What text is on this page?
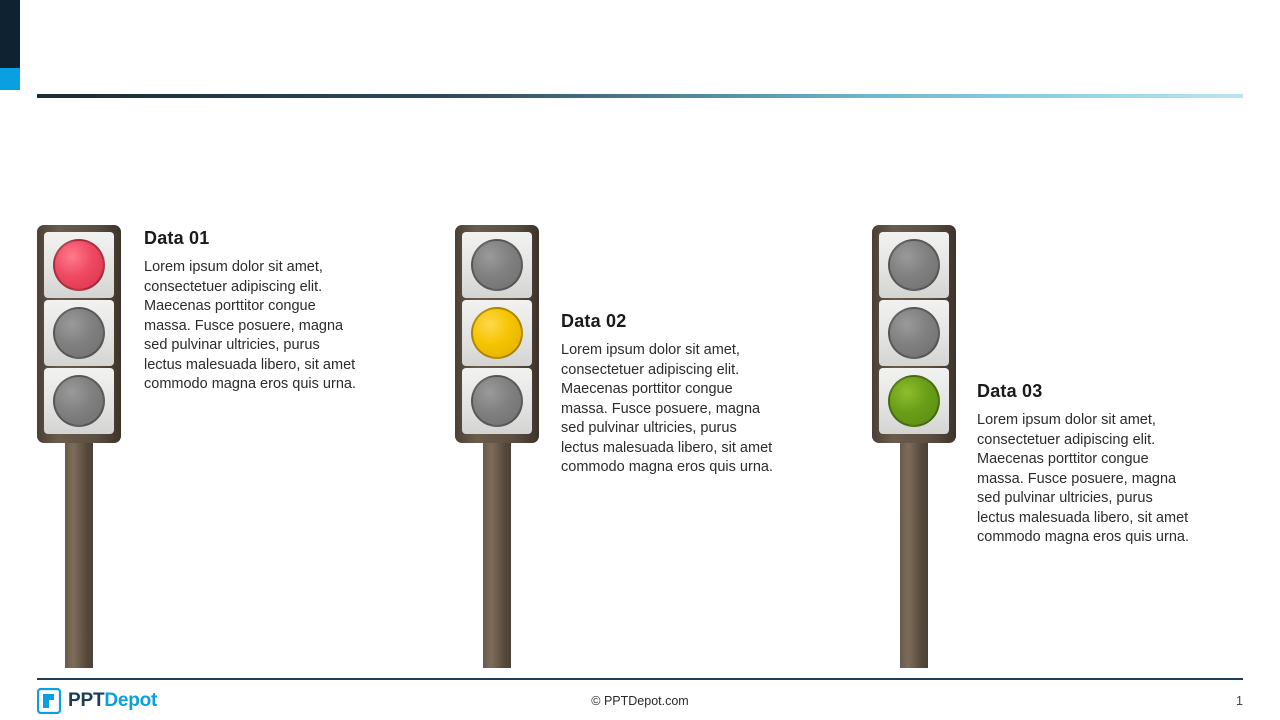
Data 01

Lorem ipsum dolor sit amet, consectetuer adipiscing elit. Maecenas porttitor congue massa. Fusce posuere, magna sed pulvinar ultricies, purus lectus malesuada libero, sit amet commodo magna eros quis urna.

Data 02

Lorem ipsum dolor sit amet, consectetuer adipiscing elit. Maecenas porttitor congue massa. Fusce posuere, magna sed pulvinar ultricies, purus lectus malesuada libero, sit amet commodo magna eros quis urna.

Data 03

Lorem ipsum dolor sit amet, consectetuer adipiscing elit. Maecenas porttitor congue massa. Fusce posuere, magna sed pulvinar ultricies, purus lectus malesuada libero, sit amet commodo magna eros quis urna.

PPTDepot	© PPTDepot.com	1
